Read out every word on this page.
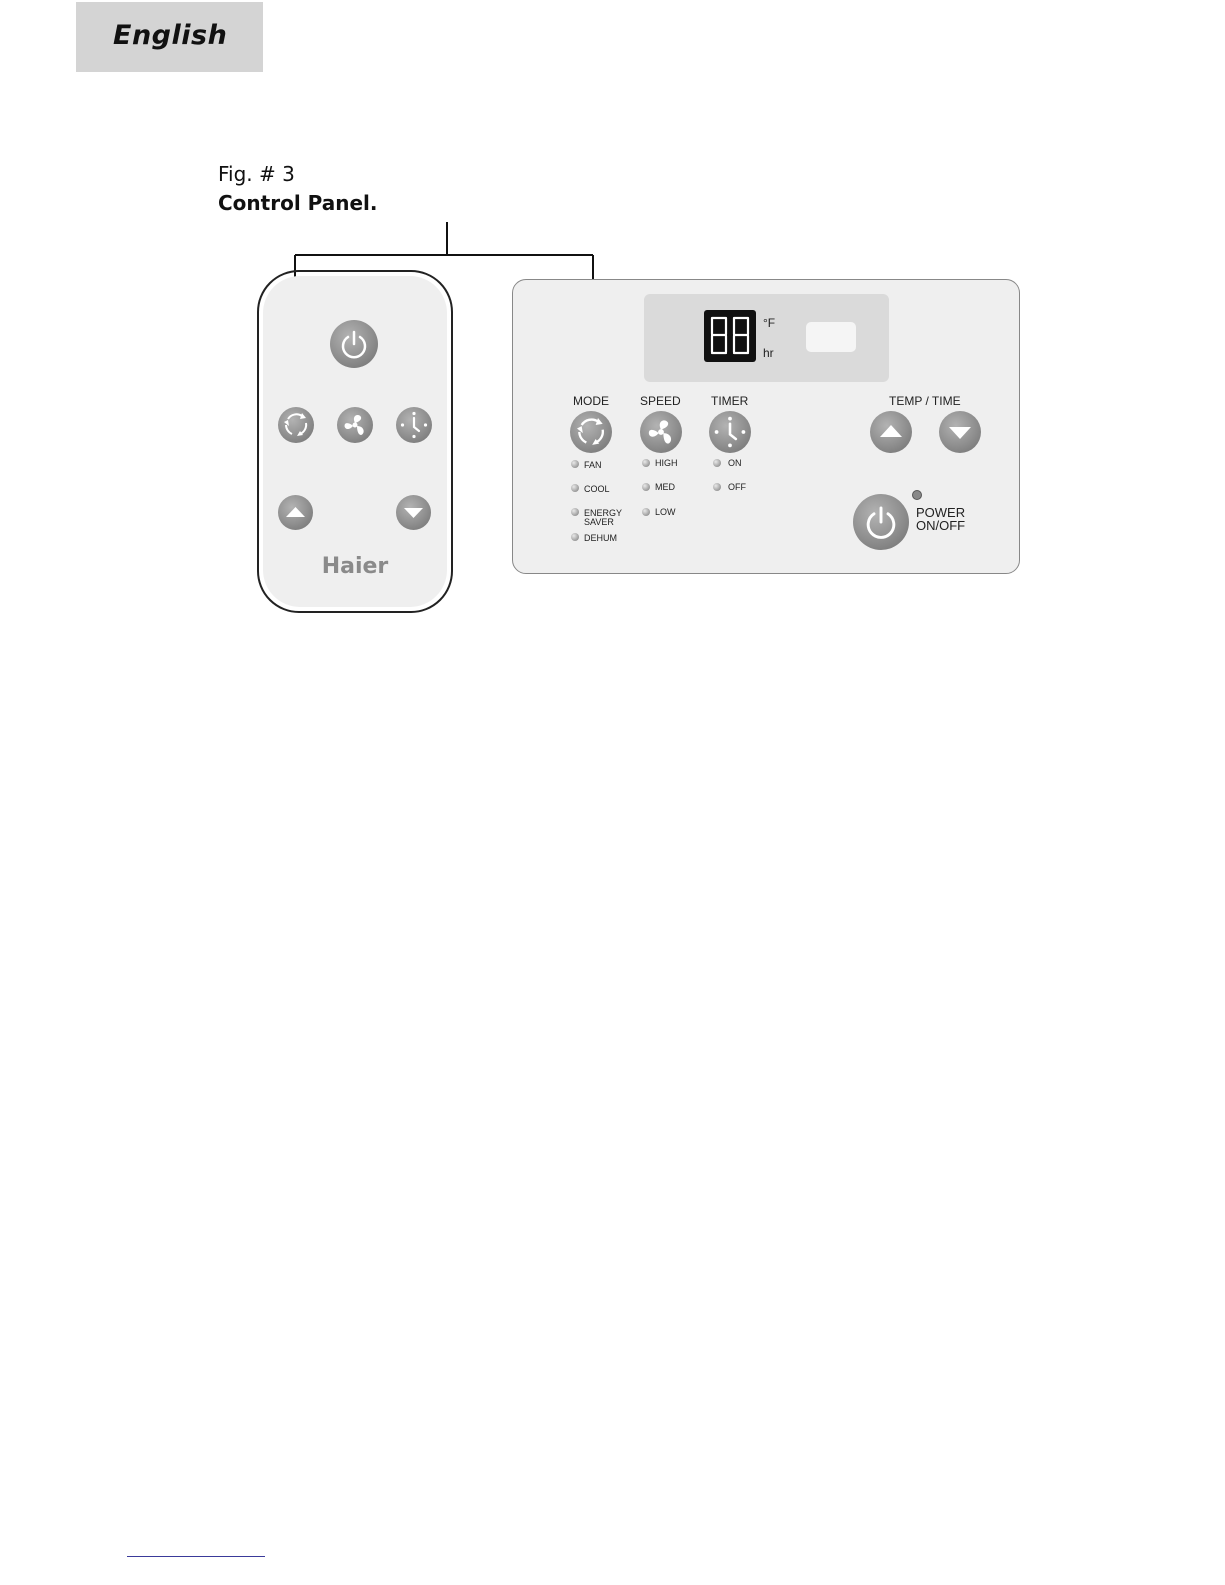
English
Fig. # 3
Control Panel.
Haier
°F
hr
MODE	SPEED	TIMER	TEMP / TIME
FAN
COOL
ENERGY
SAVER
DEHUM
HIGH
MED
LOW
ON
OFF
POWER
ON/OFF
